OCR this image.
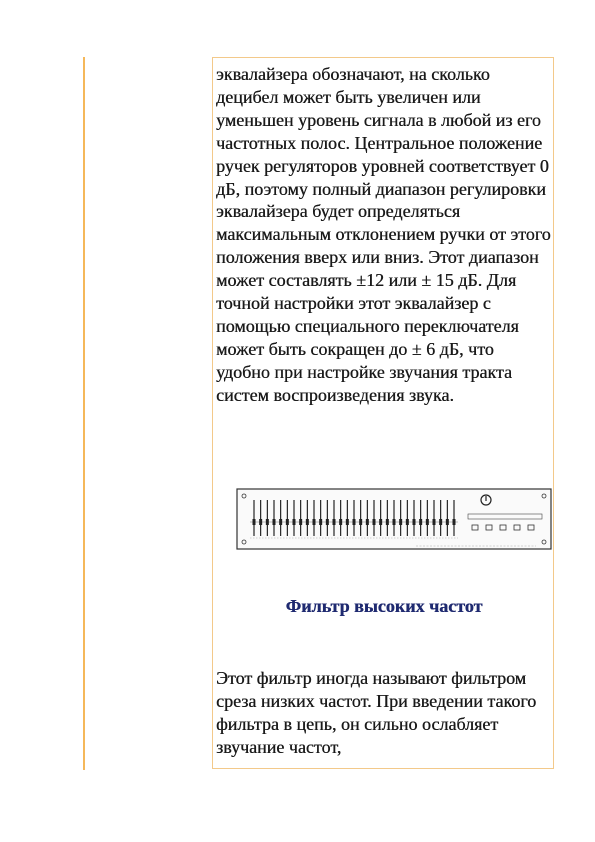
эквалайзера обозначают, на сколько децибел может быть увеличен или уменьшен уровень сигнала в любой из его частотных полос. Центральное положение ручек регуляторов уровней соответствует 0 дБ, поэтому полный диапазон регулировки эквалайзера будет определяться максимальным отклонением ручки от этого положения вверх или вниз. Этот диапазон может составлять ±12 или ± 15 дБ. Для точной настройки этот эквалайзер с помощью специального переключателя может быть сокращен до ± 6 дБ, что удобно при настройке звучания тракта систем воспроизведения звука.

Фильтр высоких частот

Этот фильтр иногда называют фильтром среза низких частот. При введении такого фильтра в цепь, он сильно ослабляет звучание частот,
